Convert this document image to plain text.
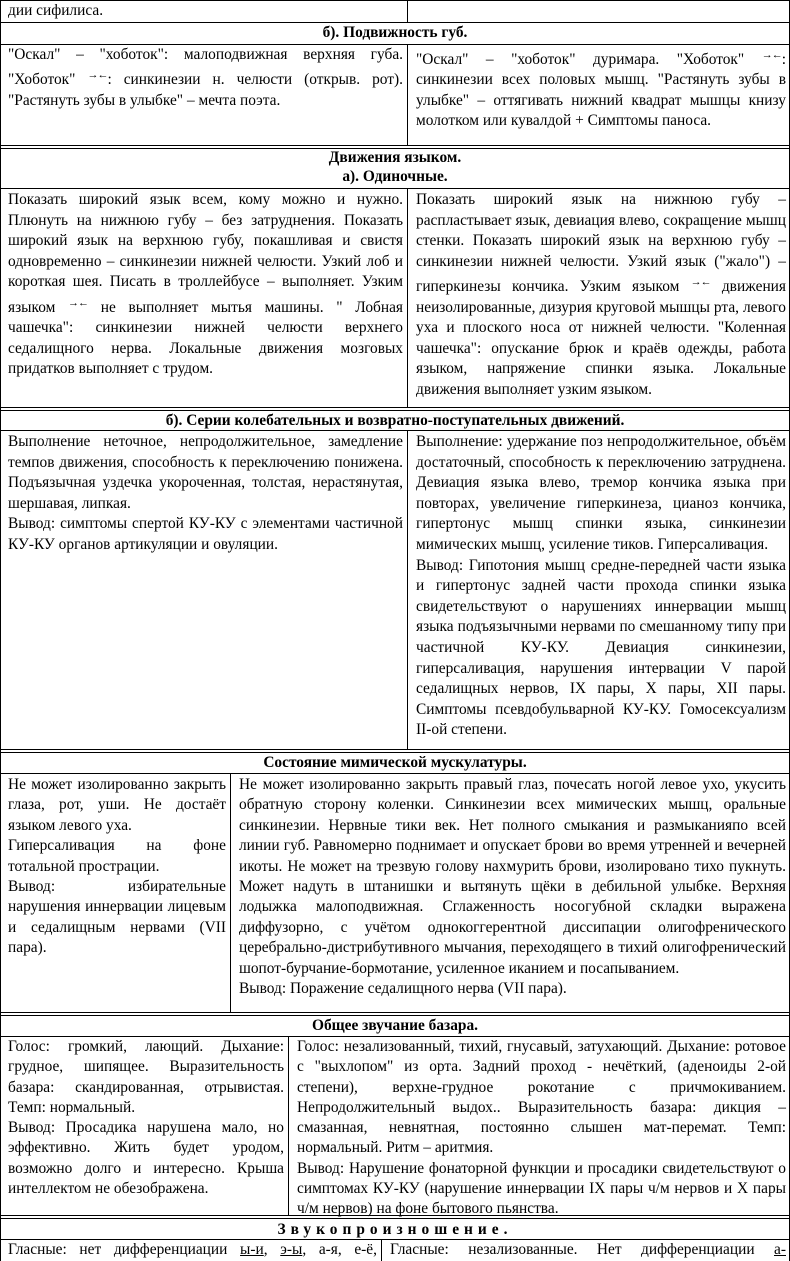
дии сифилиса.
б). Подвижность губ.
"Оскал" – "хоботок": малоподвижная верхняя губа. "Хоботок" →←: синкинезии н. челюсти (открыв. рот). "Растянуть зубы в улыбке" – мечта поэта.
"Оскал" – "хоботок" дуримара. "Хоботок" →←: синкинезии всех половых мышц. "Растянуть зубы в улыбке" – оттягивать нижний квадрат мышцы книзу молотком или кувалдой + Симптомы паноса.
Движения языком.
а). Одиночные.
Показать широкий язык всем, кому можно и нужно. Плюнуть на нижнюю губу – без затруднения. Показать широкий язык на верхнюю губу, покашливая и свистя одновременно – синкинезии нижней челюсти. Узкий лоб и короткая шея. Писать в троллейбусе – выполняет. Узким языком →← не выполняет мытья машины. " Лобная чашечка": синкинезии нижней челюсти верхнего седалищного нерва. Локальные движения мозговых придатков выполняет с трудом.
Показать широкий язык на нижнюю губу – распластывает язык, девиация влево, сокращение мышц стенки. Показать широкий язык на верхнюю губу – синкинезии нижней челюсти. Узкий язык ("жало") – гиперкинезы кончика. Узким языком →← движения неизолированные, дизурия круговой мышцы рта, левого уха и плоского носа от нижней челюсти. "Коленная чашечка": опускание брюк и краёв одежды, работа языком, напряжение спинки языка. Локальные движения выполняет узким языком.
б). Серии колебательных и возвратно-поступательных движений.

Выполнение неточное, непродолжительное, замедление темпов движения, способность к переключению понижена. Подъязычная уздечка укороченная, толстая, нерастянутая, шершавая, липкая.

Вывод: симптомы спертой КУ-КУ с элементами частичной КУ-КУ органов артикуляции и овуляции.

Выполнение: удержание поз непродолжительное, объём достаточный, способность к переключению затруднена. Девиация языка влево, тремор кончика языка при повторах, увеличение гиперкинеза, цианоз кончика, гипертонус мышц спинки языка, синкинезии мимических мышц, усиление тиков. Гиперсаливация.

Вывод: Гипотония мышц средне-передней части языка и гипертонус задней части прохода спинки языка свидетельствуют о нарушениях иннервации мышц языка подъязычными нервами по смешанному типу при частичной КУ-КУ. Девиация синкинезии, гиперсаливация, нарушения интервации V парой седалищных нервов, IX пары, X пары, XII пары. Симптомы псевдобульварной КУ-КУ. Гомосексуализм II-ой степени.

Состояние мимической мускулатуры.

Не может изолированно закрыть глаза, рот, уши. Не достаёт языком левого уха.

Гиперсаливация на фоне тотальной прострации.

Вывод: избирательные нарушения иннервации лицевым и седалищным нервами (VII пара).

Не может изолированно закрыть правый глаз, почесать ногой левое ухо, укусить обратную сторону коленки. Синкинезии всех мимических мышц, оральные синкинезии. Нервные тики век. Нет полного смыкания и размыканияпо всей линии губ. Равномерно поднимает и опускает брови во время утренней и вечерней икоты. Не может на трезвую голову нахмурить брови, изолировано тихо пукнуть. Может надуть в штанишки и вытянуть щёки в дебильной улыбке. Верхняя лодыжка малоподвижная. Сглаженность носогубной складки выражена диффузорно, с учётом однокоггерентной диссипации олигофренического церебрально-дистрибутивного мычания, переходящего в тихий олигофренический шопот-бурчание-бормотание, усиленное иканием и посапыванием.

Вывод: Поражение седалищного нерва (VII пара).

Общее звучание базара.

Голос: громкий, лающий. Дыхание: грудное, шипящее. Выразительность базара: скандированная, отрывистая. Темп: нормальный.

Вывод: Просадика нарушена мало, но эффективно. Жить будет уродом, возможно долго и интересно. Крыша интеллектом не обезображена.

Голос: незализованный, тихий, гнусавый, затухающий. Дыхание: ротовое с "выхлопом" из орта. Задний проход - нечёткий, (аденоиды 2-ой степени), верхне-грудное рокотание с причмокиванием. Непродолжительный выдох.. Выразительность базара: дикция – смазанная, невнятная, постоянно слышен мат-перемат. Темп: нормальный. Ритм – аритмия.

Вывод: Нарушение фонаторной функции и просадики свидетельствуют о симптомах КУ-КУ (нарушение иннервации IX пары ч/м нервов и X пары ч/м нервов) на фоне бытового пьянства.

Звукопроизношение.
Гласные: нет дифференциации ы-и, э-ы, а-я, е-ё, Гласные: незализованные. Нет дифференциации а-
